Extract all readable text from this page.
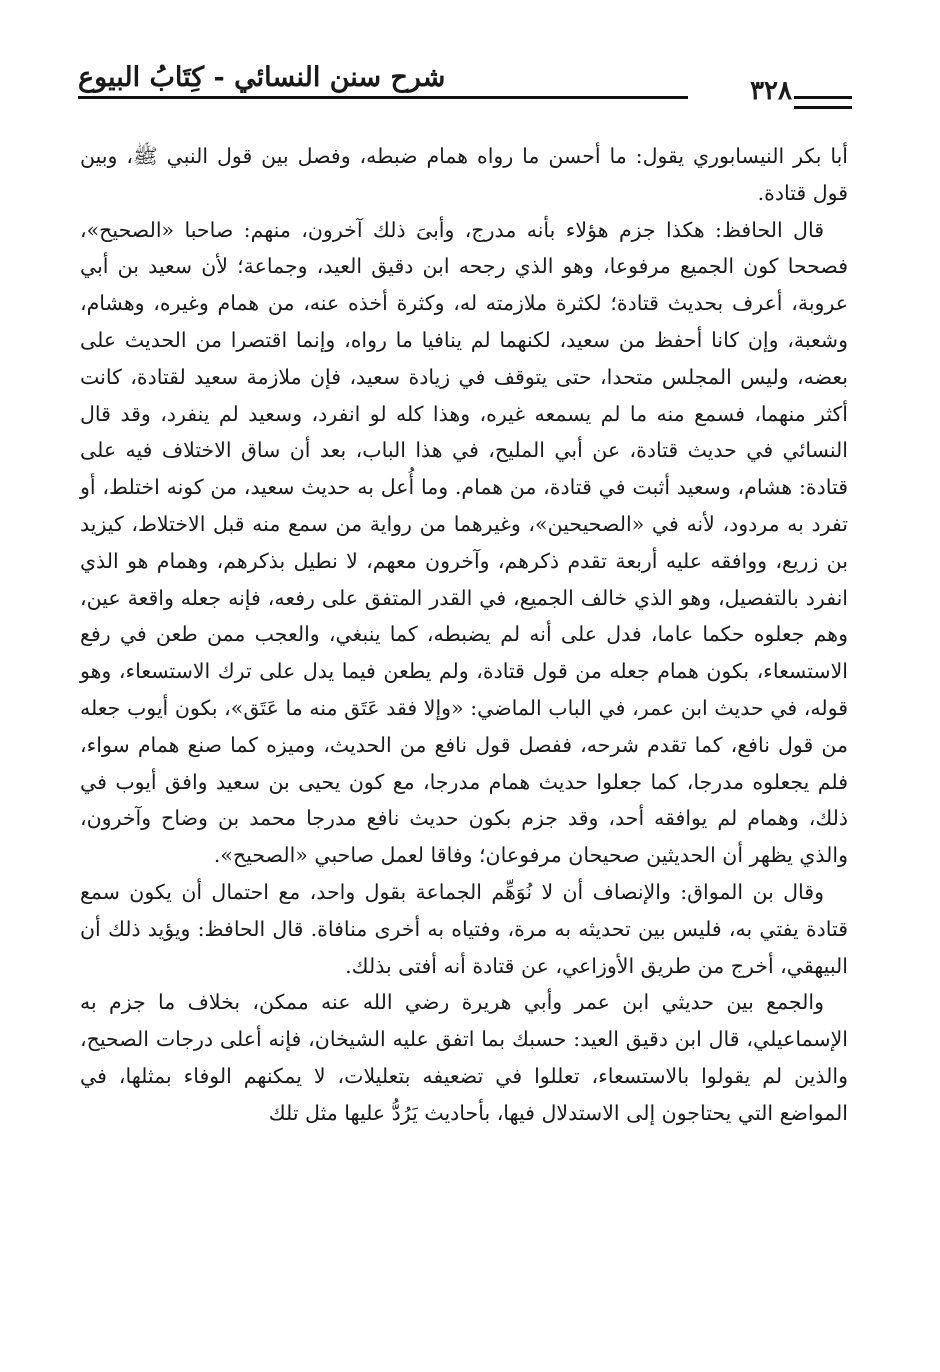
شرح سنن النسائي - كِتَابُ البيوع	٣٢٨

أبا بكر النيسابوري يقول: ما أحسن ما رواه همام ضبطه، وفصل بين قول النبي ﷺ، وبين قول قتادة.

قال الحافظ: هكذا جزم هؤلاء بأنه مدرج، وأبىَ ذلك آخرون، منهم: صاحبا «الصحيح»، فصححا كون الجميع مرفوعا، وهو الذي رجحه ابن دقيق العيد، وجماعة؛ لأن سعيد بن أبي عروبة، أعرف بحديث قتادة؛ لكثرة ملازمته له، وكثرة أخذه عنه، من همام وغيره، وهشام، وشعبة، وإن كانا أحفظ من سعيد، لكنهما لم ينافيا ما رواه، وإنما اقتصرا من الحديث على بعضه، وليس المجلس متحدا، حتى يتوقف في زيادة سعيد، فإن ملازمة سعيد لقتادة، كانت أكثر منهما، فسمع منه ما لم يسمعه غيره، وهذا كله لو انفرد، وسعيد لم ينفرد، وقد قال النسائي في حديث قتادة، عن أبي المليح، في هذا الباب، بعد أن ساق الاختلاف فيه على قتادة: هشام، وسعيد أثبت في قتادة، من همام. وما أُعل به حديث سعيد، من كونه اختلط، أو تفرد به مردود، لأنه في «الصحيحين»، وغيرهما من رواية من سمع منه قبل الاختلاط، كيزيد بن زريع، ووافقه عليه أربعة تقدم ذكرهم، وآخرون معهم، لا نطيل بذكرهم، وهمام هو الذي انفرد بالتفصيل، وهو الذي خالف الجميع، في القدر المتفق على رفعه، فإنه جعله واقعة عين، وهم جعلوه حكما عاما، فدل على أنه لم يضبطه، كما ينبغي، والعجب ممن طعن في رفع الاستسعاء، بكون همام جعله من قول قتادة، ولم يطعن فيما يدل على ترك الاستسعاء، وهو قوله، في حديث ابن عمر، في الباب الماضي: «وإلا فقد عَتَق منه ما عَتَق»، بكون أيوب جعله من قول نافع، كما تقدم شرحه، ففصل قول نافع من الحديث، وميزه كما صنع همام سواء، فلم يجعلوه مدرجا، كما جعلوا حديث همام مدرجا، مع كون يحيى بن سعيد وافق أيوب في ذلك، وهمام لم يوافقه أحد، وقد جزم بكون حديث نافع مدرجا محمد بن وضاح وآخرون، والذي يظهر أن الحديثين صحيحان مرفوعان؛ وفاقا لعمل صاحبي «الصحيح».

وقال بن المواق: والإنصاف أن لا نُوَهِّم الجماعة بقول واحد، مع احتمال أن يكون سمع قتادة يفتي به، فليس بين تحديثه به مرة، وفتياه به أخرى منافاة. قال الحافظ: ويؤيد ذلك أن البيهقي، أخرج من طريق الأوزاعي، عن قتادة أنه أفتى بذلك.

والجمع بين حديثي ابن عمر وأبي هريرة رضي الله عنه ممكن، بخلاف ما جزم به الإسماعيلي، قال ابن دقيق العيد: حسبك بما اتفق عليه الشيخان، فإنه أعلى درجات الصحيح، والذين لم يقولوا بالاستسعاء، تعللوا في تضعيفه بتعليلات، لا يمكنهم الوفاء بمثلها، في المواضع التي يحتاجون إلى الاستدلال فيها، بأحاديث يَرُدُّ عليها مثل تلك
